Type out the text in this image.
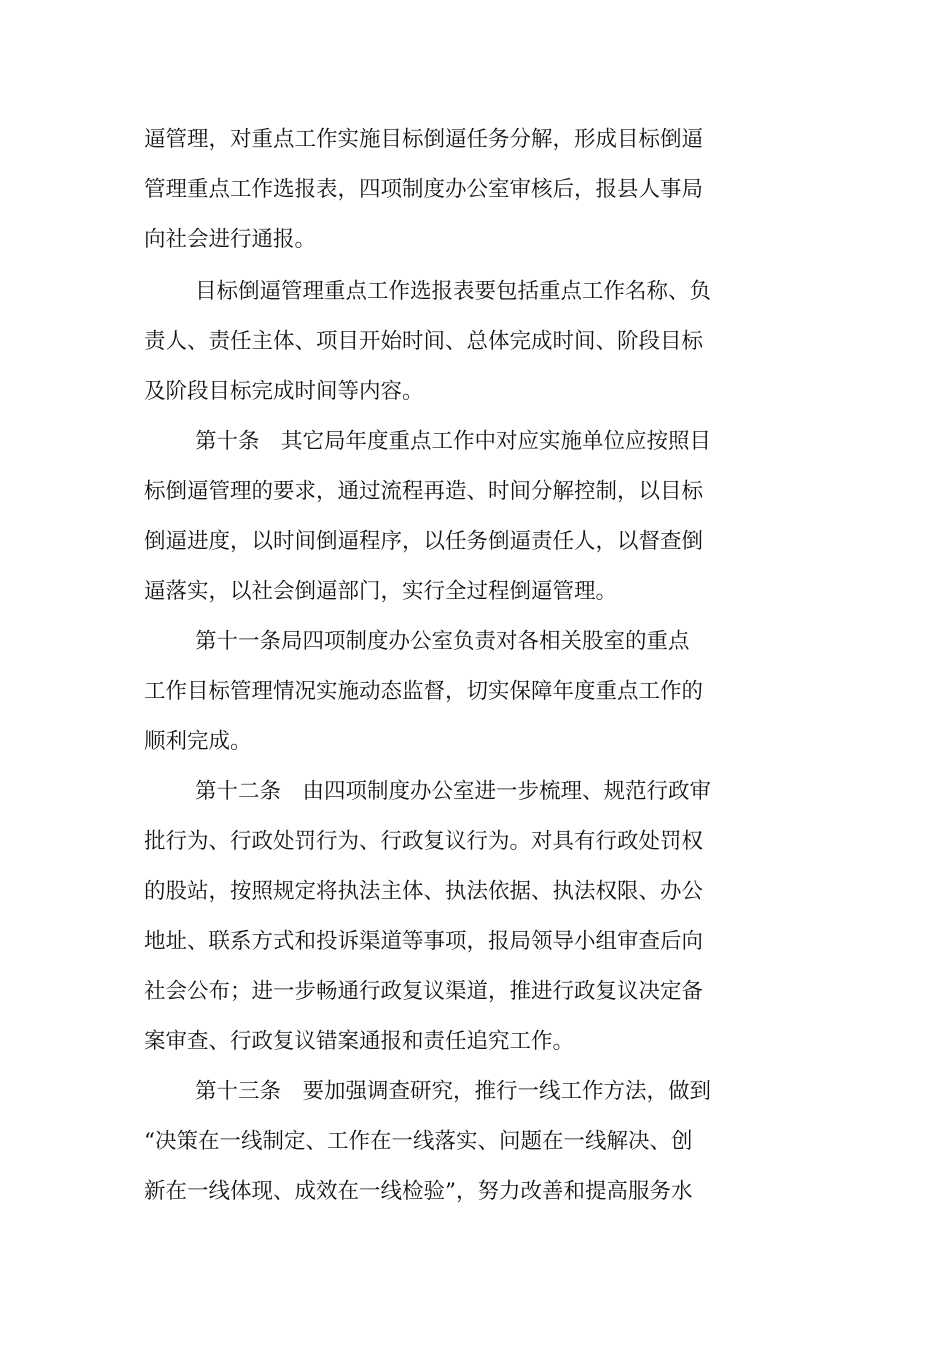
逼管理，对重点工作实施目标倒逼任务分解，形成目标倒逼
管理重点工作选报表，四项制度办公室审核后，报县人事局
向社会进行通报。
目标倒逼管理重点工作选报表要包括重点工作名称、负
责人、责任主体、项目开始时间、总体完成时间、阶段目标
及阶段目标完成时间等内容。
第十条　其它局年度重点工作中对应实施单位应按照目
标倒逼管理的要求，通过流程再造、时间分解控制，以目标
倒逼进度，以时间倒逼程序，以任务倒逼责任人，以督查倒
逼落实，以社会倒逼部门，实行全过程倒逼管理。
第十一条局四项制度办公室负责对各相关股室的重点
工作目标管理情况实施动态监督，切实保障年度重点工作的
顺利完成。
第十二条　由四项制度办公室进一步梳理、规范行政审
批行为、行政处罚行为、行政复议行为。对具有行政处罚权
的股站，按照规定将执法主体、执法依据、执法权限、办公
地址、联系方式和投诉渠道等事项，报局领导小组审查后向
社会公布；进一步畅通行政复议渠道，推进行政复议决定备
案审查、行政复议错案通报和责任追究工作。
第十三条　要加强调查研究，推行一线工作方法，做到
“决策在一线制定、工作在一线落实、问题在一线解决、创
新在一线体现、成效在一线检验”，努力改善和提高服务水
